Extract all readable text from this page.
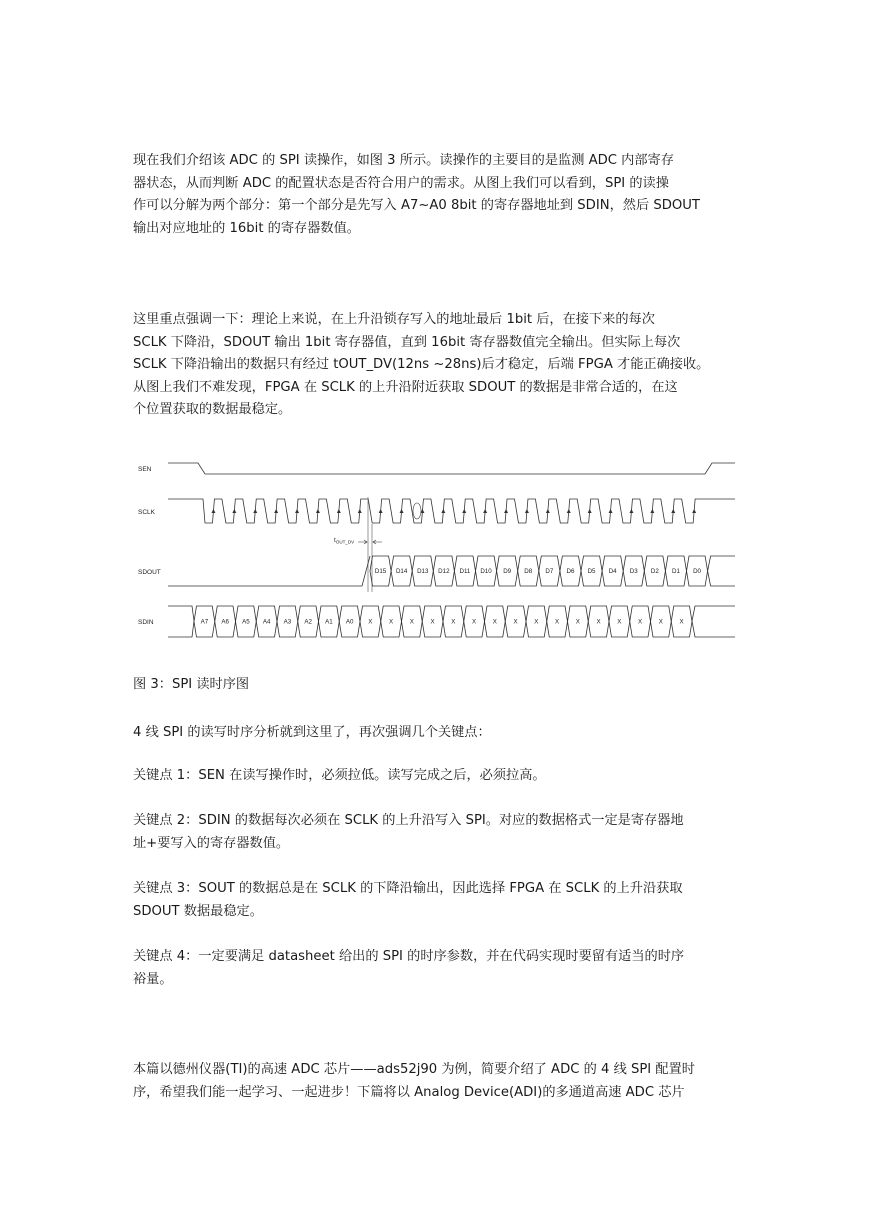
现在我们介绍该 ADC 的 SPI 读操作，如图 3 所示。读操作的主要目的是监测 ADC 内部寄存
器状态，从而判断 ADC 的配置状态是否符合用户的需求。从图上我们可以看到，SPI 的读操
作可以分解为两个部分：第一个部分是先写入 A7~A0 8bit 的寄存器地址到 SDIN，然后 SDOUT
输出对应地址的 16bit 的寄存器数值。
这里重点强调一下：理论上来说，在上升沿锁存写入的地址最后 1bit 后，在接下来的每次
SCLK 下降沿，SDOUT 输出 1bit 寄存器值，直到 16bit 寄存器数值完全输出。但实际上每次
SCLK 下降沿输出的数据只有经过 tOUT_DV(12ns ~28ns)后才稳定，后端 FPGA 才能正确接收。
从图上我们不难发现，FPGA 在 SCLK 的上升沿附近获取 SDOUT 的数据是非常合适的，在这
个位置获取的数据最稳定。
SEN
SCLK
SDOUT
SDIN
$t_{OUT\_DV}$
D15 D14 D13 D12 D11 D10 D9 D8 D7 D6 D5 D4 D3 D2 D1 D0
A7 A6 A5 A4 A3 A2 A1 A0 X	X	X	X	X	X	X	X	X	X	X	X	X	X	X	X

图 3：SPI 读时序图

4 线 SPI 的读写时序分析就到这里了，再次强调几个关键点：

关键点 1：SEN 在读写操作时，必须拉低。读写完成之后，必须拉高。
关键点 2：SDIN 的数据每次必须在 SCLK 的上升沿写入 SPI。对应的数据格式一定是寄存器地
址+要写入的寄存器数值。
关键点 3：SOUT 的数据总是在 SCLK 的下降沿输出，因此选择 FPGA 在 SCLK 的上升沿获取
SDOUT 数据最稳定。
关键点 4：一定要满足 datasheet 给出的 SPI 的时序参数，并在代码实现时要留有适当的时序
裕量。
本篇以德州仪器(TI)的高速 ADC 芯片——ads52j90 为例，简要介绍了 ADC 的 4 线 SPI 配置时
序，希望我们能一起学习、一起进步！下篇将以 Analog Device(ADI)的多通道高速 ADC 芯片
